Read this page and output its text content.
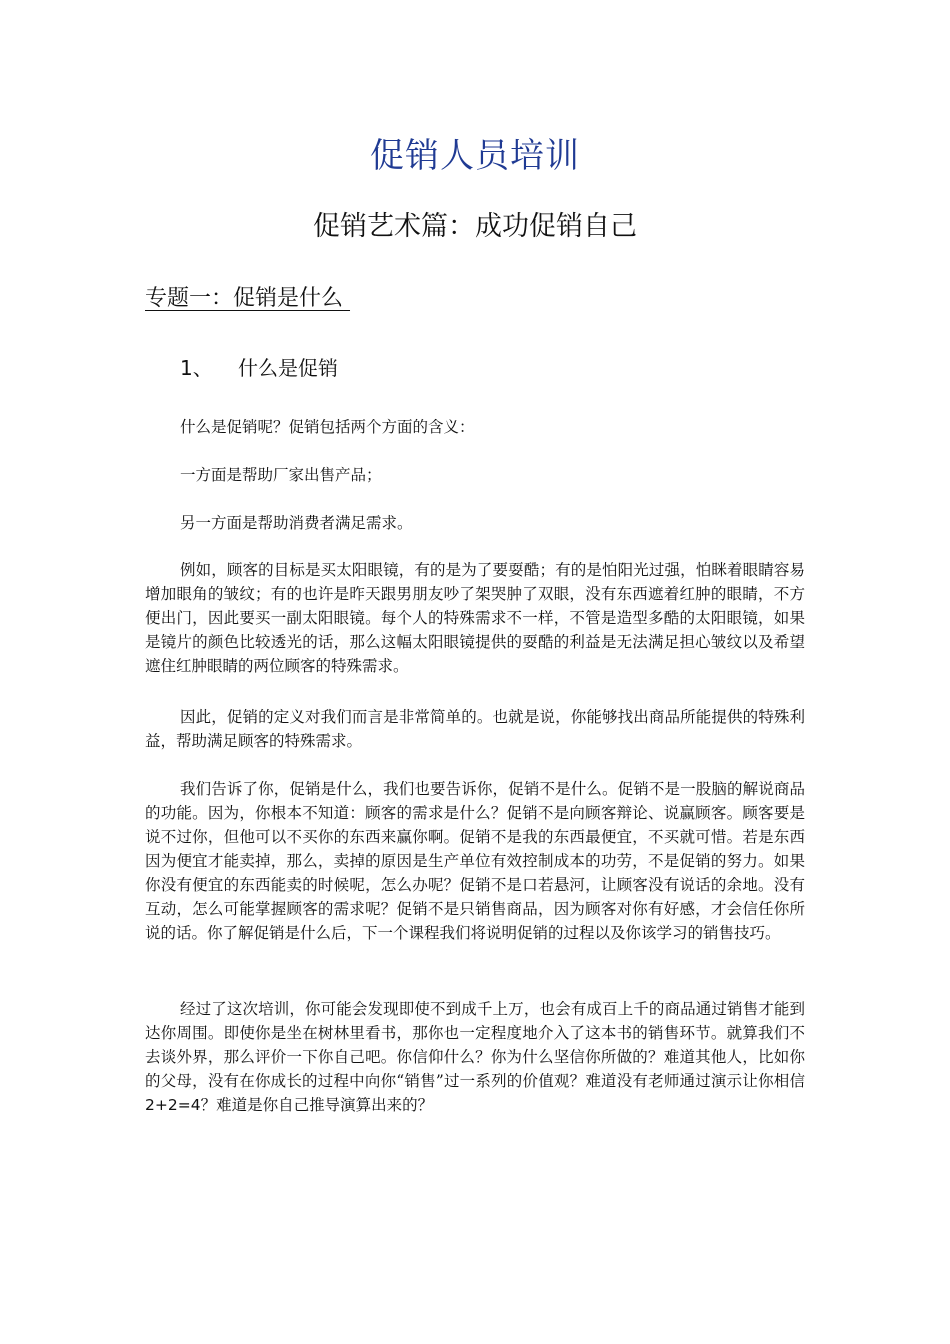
促销人员培训
促销艺术篇：成功促销自己
专题一：促销是什么
1、	什么是促销

什么是促销呢？促销包括两个方面的含义：

一方面是帮助厂家出售产品；

另一方面是帮助消费者满足需求。

例如，顾客的目标是买太阳眼镜，有的是为了要耍酷；有的是怕阳光过强，怕眯着眼睛容易增加眼角的皱纹；有的也许是昨天跟男朋友吵了架哭肿了双眼，没有东西遮着红肿的眼睛，不方便出门，因此要买一副太阳眼镜。每个人的特殊需求不一样，不管是造型多酷的太阳眼镜，如果是镜片的颜色比较透光的话，那么这幅太阳眼镜提供的耍酷的利益是无法满足担心皱纹以及希望遮住红肿眼睛的两位顾客的特殊需求。

因此，促销的定义对我们而言是非常简单的。也就是说，你能够找出商品所能提供的特殊利益，帮助满足顾客的特殊需求。

我们告诉了你，促销是什么，我们也要告诉你，促销不是什么。促销不是一股脑的解说商品的功能。因为，你根本不知道：顾客的需求是什么？促销不是向顾客辩论、说赢顾客。顾客要是说不过你，但他可以不买你的东西来赢你啊。促销不是我的东西最便宜，不买就可惜。若是东西因为便宜才能卖掉，那么，卖掉的原因是生产单位有效控制成本的功劳，不是促销的努力。如果你没有便宜的东西能卖的时候呢，怎么办呢？促销不是口若悬河，让顾客没有说话的余地。没有互动，怎么可能掌握顾客的需求呢？促销不是只销售商品，因为顾客对你有好感，才会信任你所说的话。你了解促销是什么后，下一个课程我们将说明促销的过程以及你该学习的销售技巧。

经过了这次培训，你可能会发现即使不到成千上万，也会有成百上千的商品通过销售才能到达你周围。即使你是坐在树林里看书，那你也一定程度地介入了这本书的销售环节。就算我们不去谈外界，那么评价一下你自己吧。你信仰什么？你为什么坚信你所做的？难道其他人，比如你的父母，没有在你成长的过程中向你“销售”过一系列的价值观？难道没有老师通过演示让你相信2+2=4？难道是你自己推导演算出来的？
